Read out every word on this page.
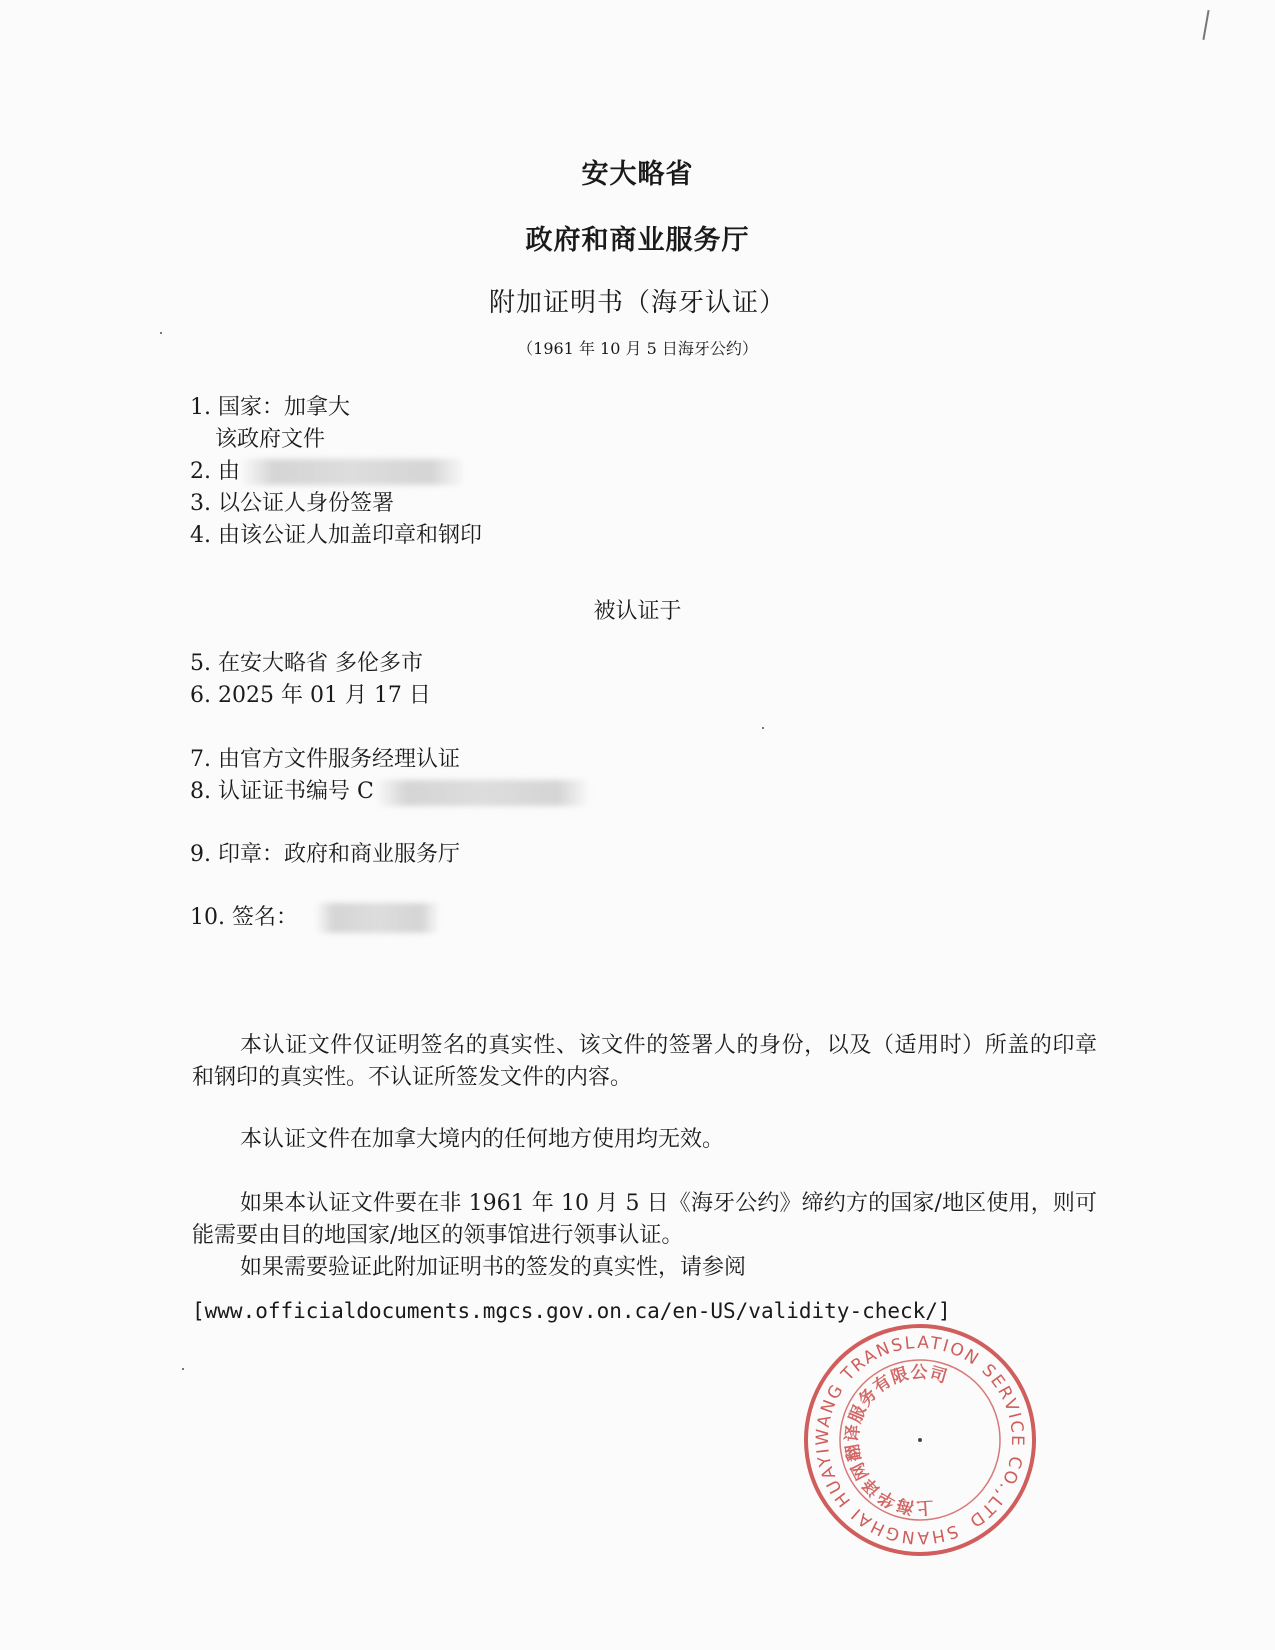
安大略省
政府和商业服务厅
附加证明书（海牙认证）
（1961 年 10 月 5 日海牙公约）
1. 国家：加拿大
该政府文件
2. 由
3. 以公证人身份签署
4. 由该公证人加盖印章和钢印
被认证于
5. 在安大略省 多伦多市
6. 2025 年 01 月 17 日
7. 由官方文件服务经理认证
8. 认证证书编号 C
9. 印章：政府和商业服务厅
10. 签名：
本认证文件仅证明签名的真实性、该文件的签署人的身份，以及（适用时）所盖的印章和钢印的真实性。不认证所签发文件的内容。
本认证文件在加拿大境内的任何地方使用均无效。
如果本认证文件要在非 1961 年 10 月 5 日《海牙公约》缔约方的国家/地区使用，则可能需要由目的地国家/地区的领事馆进行领事认证。
如果需要验证此附加证明书的签发的真实性，请参阅
[www.officialdocuments.mgcs.gov.on.ca/en-US/validity-check/]
SHANGHAI HUAYIWANG TRANSLATION SERVICE CO.,LTD
上海华译网翻译服务有限公司
